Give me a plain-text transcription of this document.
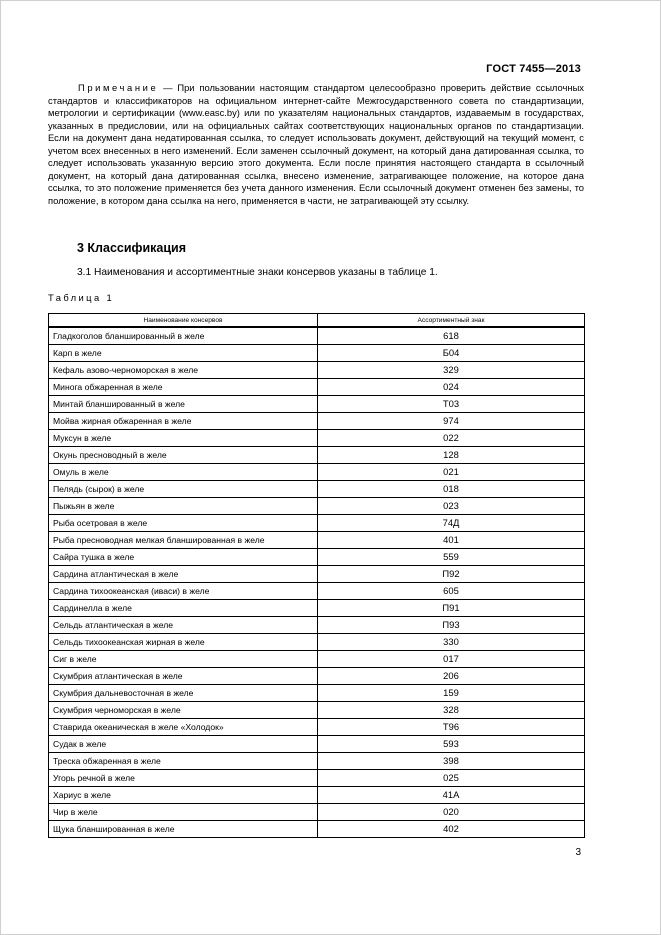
ГОСТ 7455—2013

Примечание — При пользовании настоящим стандартом целесообразно проверить действие ссылочных стандартов и классификаторов на официальном интернет-сайте Межгосударственного совета по стандартизации, метрологии и сертификации (www.easc.by) или по указателям национальных стандартов, издаваемым в государствах, указанных в предисловии, или на официальных сайтах соответствующих национальных органов по стандартизации. Если на документ дана недатированная ссылка, то следует использовать документ, действующий на текущий момент, с учетом всех внесенных в него изменений. Если заменен ссылочный документ, на который дана датированная ссылка, то следует использовать указанную версию этого документа. Если после принятия настоящего стандарта в ссылочный документ, на который дана датированная ссылка, внесено изменение, затрагивающее положение, на которое дана ссылка, то это положение применяется без учета данного изменения. Если ссылочный документ отменен без замены, то положение, в котором дана ссылка на него, применяется в части, не затрагивающей эту ссылку.

3 Классификация
3.1 Наименования и ассортиментные знаки консервов указаны в таблице 1.
Таблица 1
Наименование консервов	Ассортиментный знак
Гладкоголов бланшированный в желе	618
Карп в желе	Б04
Кефаль азово-черноморская в желе	329
Минога обжаренная в желе	024
Минтай бланшированный в желе	Т03
Мойва жирная обжаренная в желе	974
Муксун в желе	022
Окунь пресноводный в желе	128
Омуль в желе	021
Пелядь (сырок) в желе	018
Пыжьян в желе	023
Рыба осетровая в желе	74Д
Рыба пресноводная мелкая бланшированная в желе	401
Сайра тушка в желе	559
Сардина атлантическая в желе	П92
Сардина тихоокеанская (иваси) в желе	605
Сардинелла в желе	П91
Сельдь атлантическая в желе	П93
Сельдь тихоокеанская жирная в желе	330
Сиг в желе	017
Скумбрия атлантическая в желе	206
Скумбрия дальневосточная в желе	159
Скумбрия черноморская в желе	328
Ставрида океаническая в желе «Холодок»	Т96
Судак в желе	593
Треска обжаренная в желе	398
Угорь речной в желе	025
Хариус в желе	41А
Чир в желе	020
Щука бланшированная в желе	402
3
